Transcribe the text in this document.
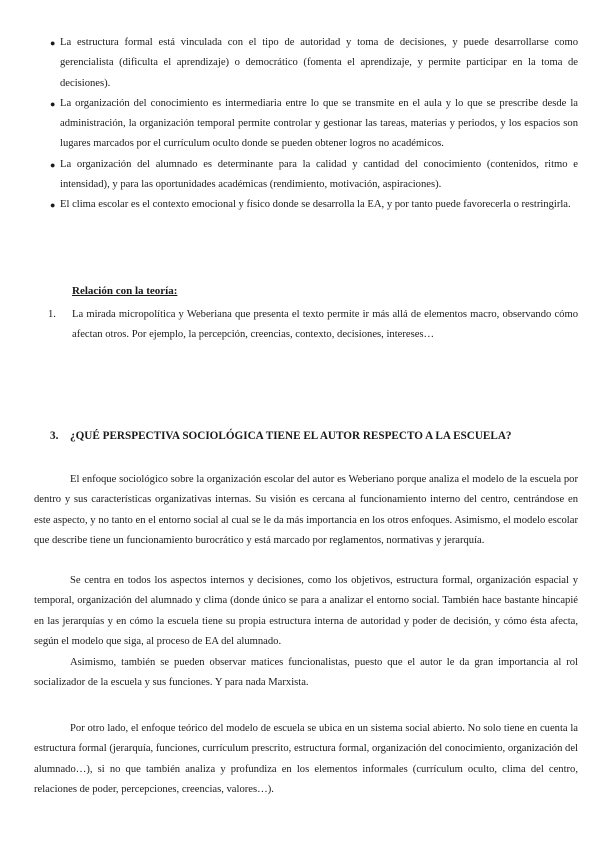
● La estructura formal está vinculada con el tipo de autoridad y toma de decisiones, y puede desarrollarse como gerencialista (dificulta el aprendizaje) o democrático (fomenta el aprendizaje, y permite participar en la toma de decisiones).
● La organización del conocimiento es intermediaria entre lo que se transmite en el aula y lo que se prescribe desde la administración, la organización temporal permite controlar y gestionar las tareas, materias y periodos, y los espacios son lugares marcados por el currículum oculto donde se pueden obtener logros no académicos.
● La organización del alumnado es determinante para la calidad y cantidad del conocimiento (contenidos, ritmo e intensidad), y para las oportunidades académicas (rendimiento, motivación, aspiraciones).
● El clima escolar es el contexto emocional y físico donde se desarrolla la EA, y por tanto puede favorecerla o restringirla.

Relación con la teoría:

1. La mirada micropolítica y Weberiana que presenta el texto permite ir más allá de elementos macro, observando cómo afectan otros. Por ejemplo, la percepción, creencias, contexto, decisiones, intereses…
3. ¿QUÉ PERSPECTIVA SOCIOLÓGICA TIENE EL AUTOR RESPECTO A LA ESCUELA?

El enfoque sociológico sobre la organización escolar del autor es Weberiano porque analiza el modelo de la escuela por dentro y sus características organizativas internas. Su visión es cercana al funcionamiento interno del centro, centrándose en este aspecto, y no tanto en el entorno social al cual se le da más importancia en los otros enfoques. Asimismo, el modelo escolar que describe tiene un funcionamiento burocrático y está marcado por reglamentos, normativas y jerarquía.

Se centra en todos los aspectos internos y decisiones, como los objetivos, estructura formal, organización espacial y temporal, organización del alumnado y clima (donde único se para a analizar el entorno social. También hace bastante hincapié en las jerarquías y en cómo la escuela tiene su propia estructura interna de autoridad y poder de decisión, y cómo ésta afecta, según el modelo que siga, al proceso de EA del alumnado.

Asimismo, también se pueden observar matices funcionalistas, puesto que el autor le da gran importancia al rol socializador de la escuela y sus funciones. Y para nada Marxista.

Por otro lado, el enfoque teórico del modelo de escuela se ubica en un sistema social abierto. No solo tiene en cuenta la estructura formal (jerarquía, funciones, currículum prescrito, estructura formal, organización del conocimiento, organización del alumnado…), si no que también analiza y profundiza en los elementos informales (currículum oculto, clima del centro, relaciones de poder, percepciones, creencias, valores…).
